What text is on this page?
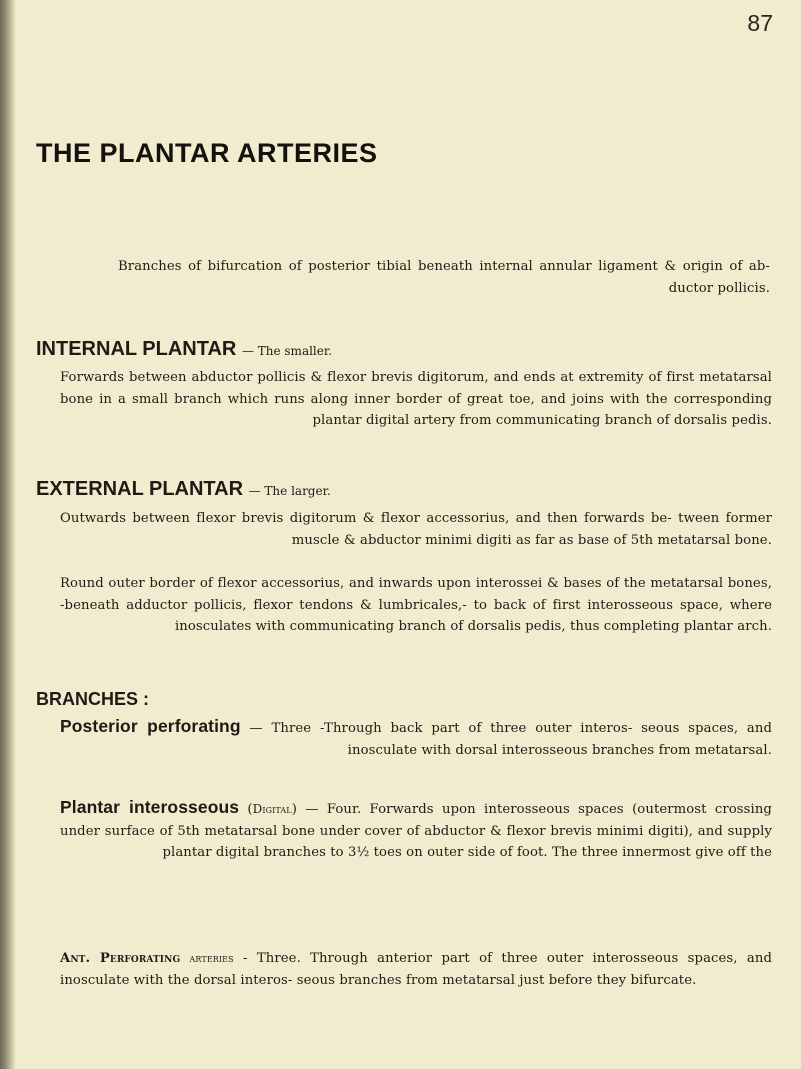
87
THE PLANTAR ARTERIES

Branches of bifurcation of posterior tibial beneath internal annular ligament & origin of ab- ductor pollicis.

INTERNAL PLANTAR — The smaller.

Forwards between abductor pollicis & flexor brevis digitorum, and ends at extremity of first metatarsal bone in a small branch which runs along inner border of great toe, and joins with the corresponding plantar digital artery from communicating branch of dorsalis pedis.

EXTERNAL PLANTAR — The larger.

Outwards between flexor brevis digitorum & flexor accessorius, and then forwards be- tween former muscle & abductor minimi digiti as far as base of 5th metatarsal bone.

Round outer border of flexor accessorius, and inwards upon interossei & bases of the metatarsal bones, -beneath adductor pollicis, flexor tendons & lumbricales,- to back of first interosseous space, where inosculates with communicating branch of dorsalis pedis, thus completing plantar arch.

BRANCHES :

Posterior perforating — Three -Through back part of three outer interos- seous spaces, and inosculate with dorsal interosseous branches from metatarsal.

Plantar interosseous (Digital) — Four. Forwards upon interosseous spaces (outermost crossing under surface of 5th metatarsal bone under cover of abductor & flexor brevis minimi digiti), and supply plantar digital branches to 3½ toes on outer side of foot. The three innermost give off the

Ant. Perforating arteries - Three. Through anterior part of three outer interosseous spaces, and inosculate with the dorsal interos- seous branches from metatarsal just before they bifurcate.
